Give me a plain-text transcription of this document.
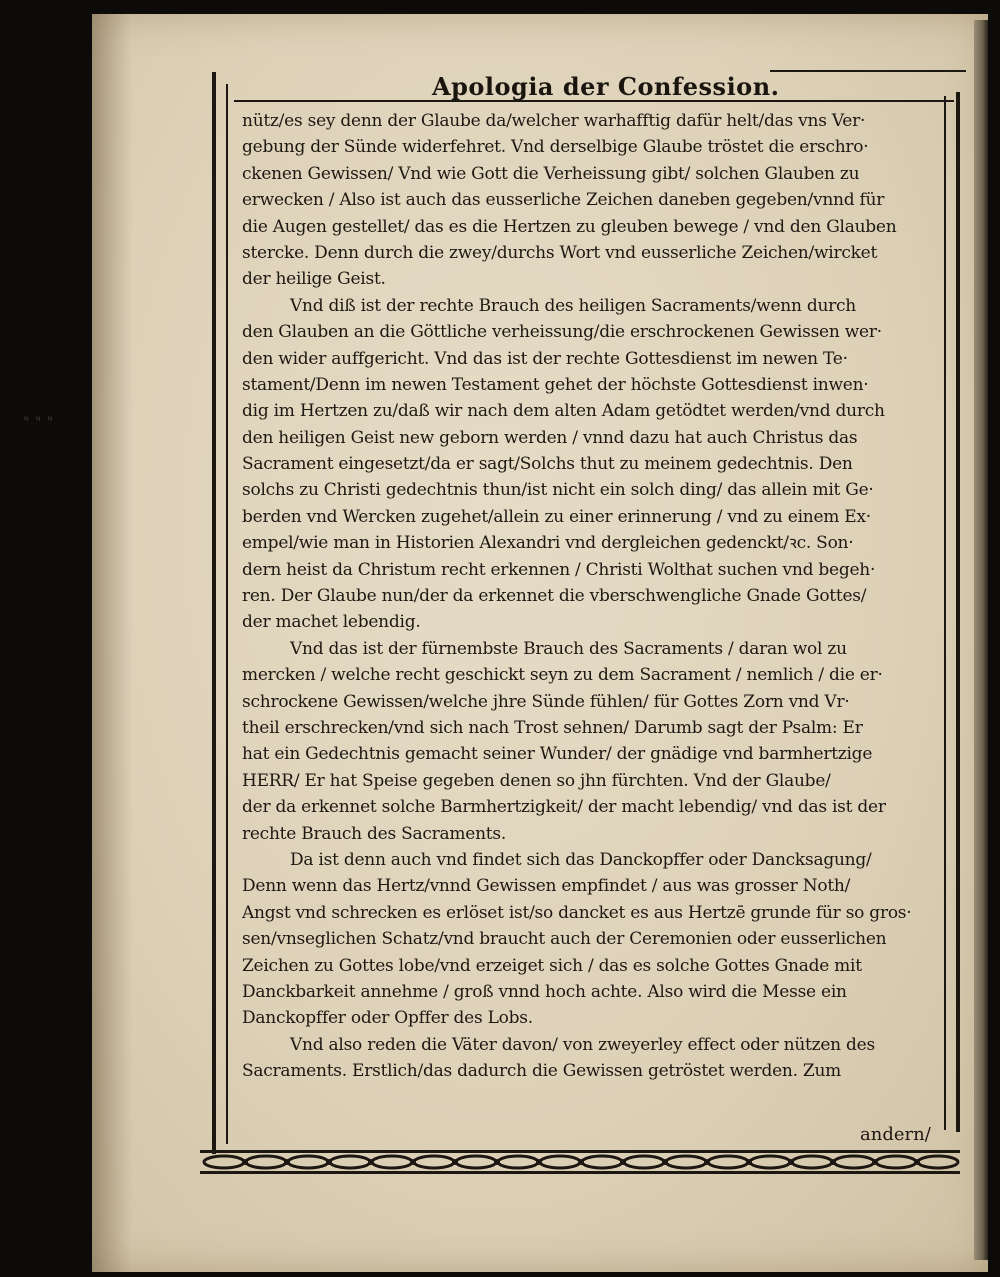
ᴺ ᴺ ᴺ
Apologia der Confession.
nütz/es sey denn der Glaube da/welcher warhafftig dafür helt/das vns Ver·
gebung der Sünde widerfehret. Vnd derselbige Glaube tröstet die erschro·
ckenen Gewissen/ Vnd wie Gott die Verheissung gibt/ solchen Glauben zu
erwecken / Also ist auch das eusserliche Zeichen daneben gegeben/vnnd für
die Augen gestellet/ das es die Hertzen zu gleuben bewege / vnd den Glauben
stercke. Denn durch die zwey/durchs Wort vnd eusserliche Zeichen/wircket
der heilige Geist.
Vnd diß ist der rechte Brauch des heiligen Sacraments/wenn durch
den Glauben an die Göttliche verheissung/die erschrockenen Gewissen wer·
den wider auffgericht. Vnd das ist der rechte Gottesdienst im newen Te·
stament/Denn im newen Testament gehet der höchste Gottesdienst inwen·
dig im Hertzen zu/daß wir nach dem alten Adam getödtet werden/vnd durch
den heiligen Geist new geborn werden / vnnd dazu hat auch Christus das
Sacrament eingesetzt/da er sagt/Solchs thut zu meinem gedechtnis. Den
solchs zu Christi gedechtnis thun/ist nicht ein solch ding/ das allein mit Ge·
berden vnd Wercken zugehet/allein zu einer erinnerung / vnd zu einem Ex·
empel/wie man in Historien Alexandri vnd dergleichen gedenckt/ꝛc. Son·
dern heist da Christum recht erkennen / Christi Wolthat suchen vnd begeh·
ren. Der Glaube nun/der da erkennet die vberschwengliche Gnade Gottes/
der machet lebendig.
Vnd das ist der fürnembste Brauch des Sacraments / daran wol zu
mercken / welche recht geschickt seyn zu dem Sacrament / nemlich / die er·
schrockene Gewissen/welche jhre Sünde fühlen/ für Gottes Zorn vnd Vr·
theil erschrecken/vnd sich nach Trost sehnen/ Darumb sagt der Psalm: Er
hat ein Gedechtnis gemacht seiner Wunder/ der gnädige vnd barmhertzige
HERR/ Er hat Speise gegeben denen so jhn fürchten. Vnd der Glaube/
der da erkennet solche Barmhertzigkeit/ der macht lebendig/ vnd das ist der
rechte Brauch des Sacraments.
Da ist denn auch vnd findet sich das Danckopffer oder Dancksagung/
Denn wenn das Hertz/vnnd Gewissen empfindet / aus was grosser Noth/
Angst vnd schrecken es erlöset ist/so dancket es aus Hertzē grunde für so gros·
sen/vnseglichen Schatz/vnd braucht auch der Ceremonien oder eusserlichen
Zeichen zu Gottes lobe/vnd erzeiget sich / das es solche Gottes Gnade mit
Danckbarkeit annehme / groß vnnd hoch achte. Also wird die Messe ein
Danckopffer oder Opffer des Lobs.
Vnd also reden die Väter davon/ von zweyerley effect oder nützen des
Sacraments. Erstlich/das dadurch die Gewissen getröstet werden. Zum
andern/
